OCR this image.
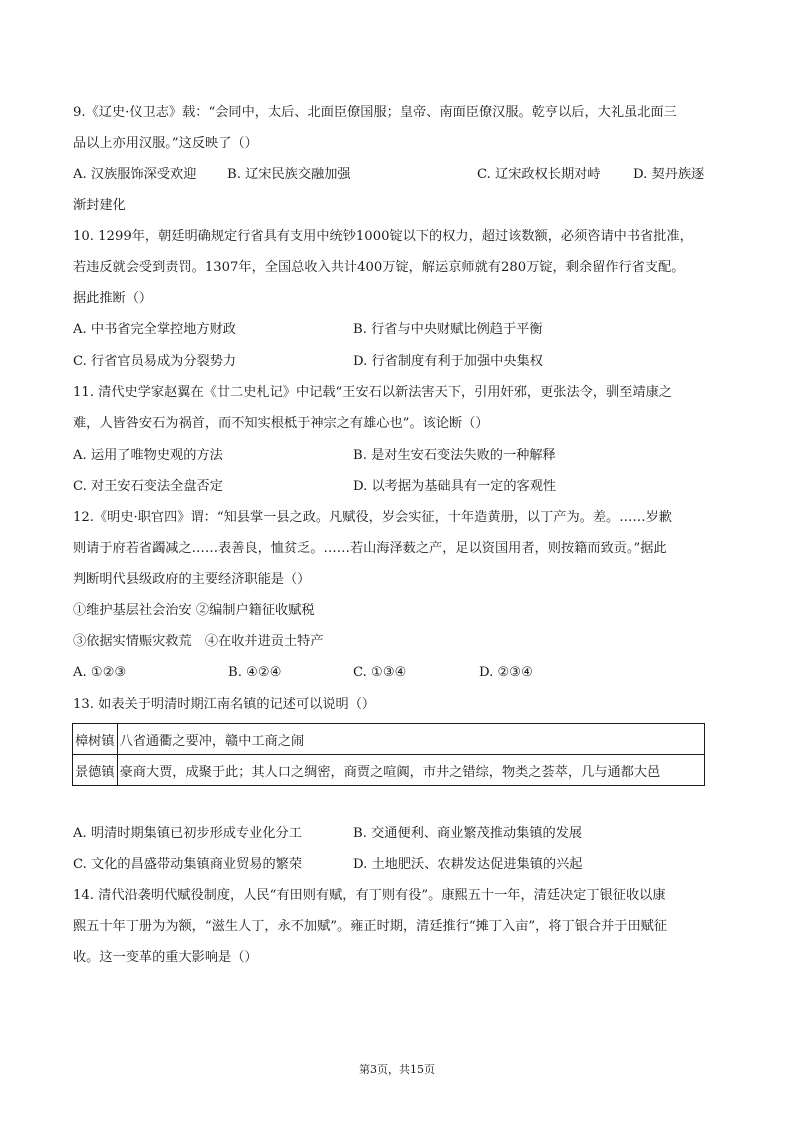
9.《辽史·仪卫志》载：“会同中，太后、北面臣僚国服；皇帝、南面臣僚汉服。乾亨以后，大礼虽北面三
品以上亦用汉服。”这反映了（）
A. 汉族服饰深受欢迎 B. 辽宋民族交融加强	C. 辽宋政权长期对峙 D. 契丹族逐
渐封建化
10. 1299年，朝廷明确规定行省具有支用中统钞1000锭以下的权力，超过该数额，必须咨请中书省批准，
若违反就会受到责罚。1307年，全国总收入共计400万锭，解运京师就有280万锭，剩余留作行省支配。
据此推断（）
A. 中书省完全掌控地方财政	B. 行省与中央财赋比例趋于平衡
C. 行省官员易成为分裂势力	D. 行省制度有利于加强中央集权
11. 清代史学家赵翼在《廿二史札记》中记载“王安石以新法害天下，引用奸邪，更张法令，驯至靖康之
难，人皆咎安石为祸首，而不知实根柢于神宗之有雄心也”。该论断（）
A. 运用了唯物史观的方法	B. 是对生安石变法失败的一种解释
C. 对王安石变法全盘否定	D. 以考据为基础具有一定的客观性
12.《明史·职官四》谓：“知县掌一县之政。凡赋役，岁会实征，十年造黄册，以丁产为。差。……岁歉
则请于府若省蠲减之……表善良，恤贫乏。……若山海泽薮之产，足以资国用者，则按籍而致贡。”据此
判断明代县级政府的主要经济职能是（）
①维护基层社会治安 ②编制户籍征收赋税
③依据实情赈灾救荒　④在收并进贡土特产
A. ①②③	B. ④②④	C. ①③④	D. ②③④
13. 如表关于明清时期江南名镇的记述可以说明（）
樟树镇	八省通衢之要冲，赣中工商之闹
景德镇	豪商大贾，成聚于此；其人口之绸密，商贾之喧阗，市井之错综，物类之荟萃，几与通都大邑
A. 明清时期集镇已初步形成专业化分工	B. 交通便利、商业繁茂推动集镇的发展
C. 文化的昌盛带动集镇商业贸易的繁荣	D. 土地肥沃、农耕发达促进集镇的兴起
14. 清代沿袭明代赋役制度，人民“有田则有赋，有丁则有役”。康熙五十一年，清廷决定丁银征收以康
熙五十年丁册为为额，“滋生人丁，永不加赋”。雍正时期，清廷推行“摊丁入亩”，将丁银合并于田赋征
收。这一变革的重大影响是（）
第3页，共15页
